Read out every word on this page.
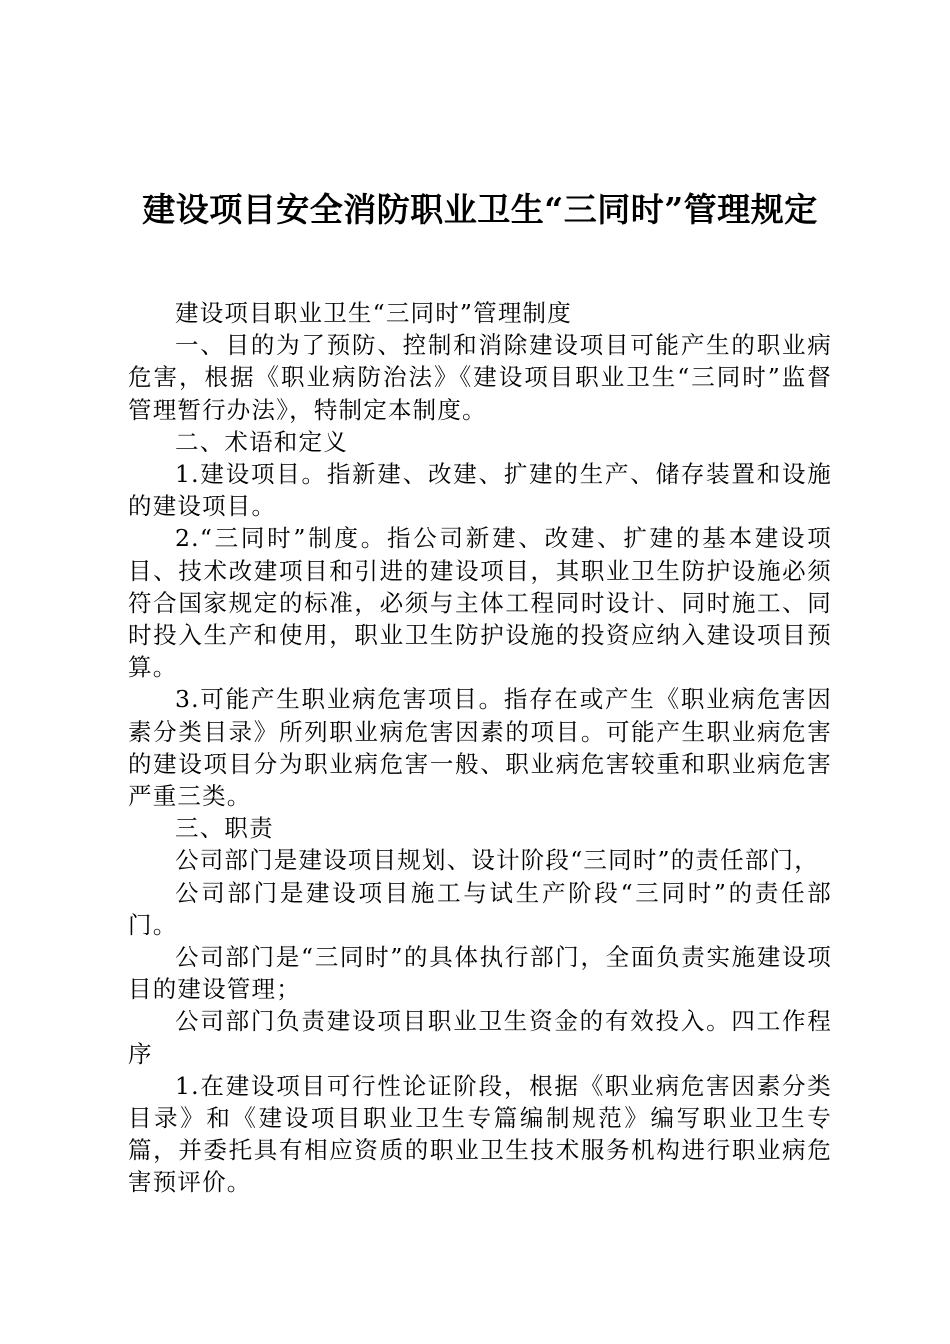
建设项目安全消防职业卫生“三同时”管理规定

建设项目职业卫生“三同时”管理制度

一、目的为了预防、控制和消除建设项目可能产生的职业病危害，根据《职业病防治法》《建设项目职业卫生“三同时”监督管理暂行办法》，特制定本制度。

二、术语和定义

1.建设项目。指新建、改建、扩建的生产、储存装置和设施的建设项目。

2.“三同时”制度。指公司新建、改建、扩建的基本建设项目、技术改建项目和引进的建设项目，其职业卫生防护设施必须符合国家规定的标准，必须与主体工程同时设计、同时施工、同时投入生产和使用，职业卫生防护设施的投资应纳入建设项目预算。

3.可能产生职业病危害项目。指存在或产生《职业病危害因素分类目录》所列职业病危害因素的项目。可能产生职业病危害的建设项目分为职业病危害一般、职业病危害较重和职业病危害严重三类。

三、职责

公司部门是建设项目规划、设计阶段“三同时”的责任部门，

公司部门是建设项目施工与试生产阶段“三同时”的责任部门。

公司部门是“三同时”的具体执行部门，全面负责实施建设项目的建设管理；

公司部门负责建设项目职业卫生资金的有效投入。四工作程序

1.在建设项目可行性论证阶段，根据《职业病危害因素分类目录》和《建设项目职业卫生专篇编制规范》编写职业卫生专篇，并委托具有相应资质的职业卫生技术服务机构进行职业病危害预评价。
